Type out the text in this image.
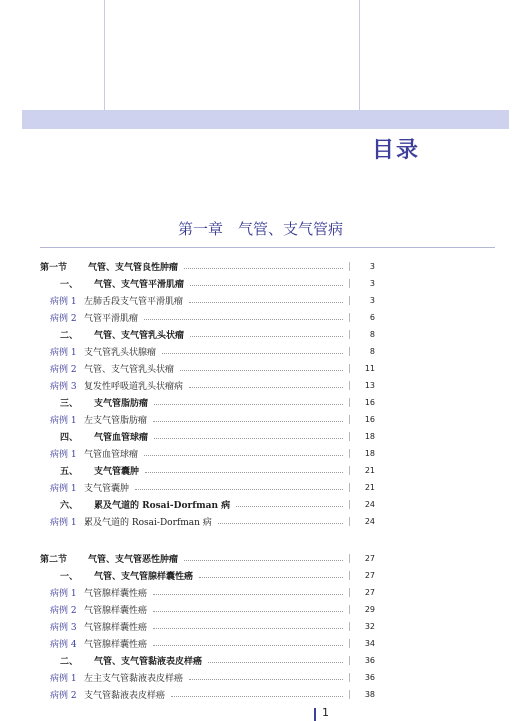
目录
第一章　气管、支气管病
第一节	气管、支气管良性肿瘤	3
一、	气管、支气管平滑肌瘤	3
病例 1 左肺舌段支气管平滑肌瘤	3
病例 2 气管平滑肌瘤	6
二、	气管、支气管乳头状瘤	8
病例 1 支气管乳头状腺瘤	8
病例 2 气管、支气管乳头状瘤	11
病例 3 复发性呼吸道乳头状瘤病	13
三、	支气管脂肪瘤	16
病例 1 左支气管脂肪瘤	16
四、	气管血管球瘤	18
病例 1 气管血管球瘤	18
五、	支气管囊肿	21
病例 1 支气管囊肿	21
六、	累及气道的 Rosai-Dorfman 病	24
病例 1 累及气道的 Rosai-Dorfman 病	24
第二节	气管、支气管恶性肿瘤	27
一、	气管、支气管腺样囊性癌	27
病例 1 气管腺样囊性癌	27
病例 2 气管腺样囊性癌	29
病例 3 气管腺样囊性癌	32
病例 4 气管腺样囊性癌	34
二、	气管、支气管黏液表皮样癌	36
病例 1 左主支气管黏液表皮样癌	36
病例 2 支气管黏液表皮样癌	38
1
